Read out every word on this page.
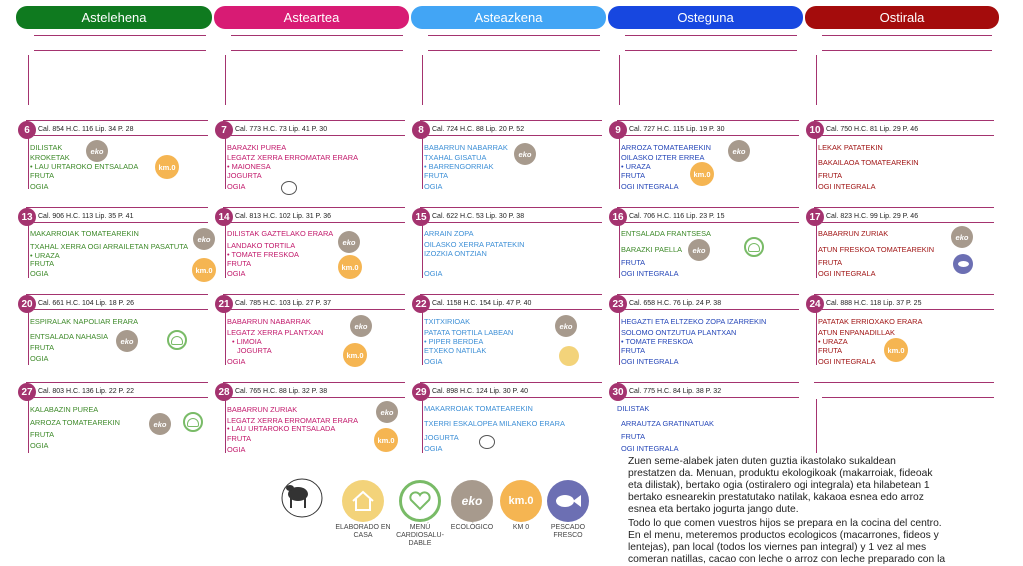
Astelehena	Asteartea	Asteazkena	Osteguna	Ostirala
6	Cal. 854 H.C. 116 Lip. 34 P. 28
DILISTAK
KROKETAK
• LAU URTAROKO ENTSALADA
FRUTA
OGIA
eko
km.0
7	Cal. 773 H.C. 73 Lip. 41 P. 30
BARAZKI PUREA
LEGATZ XERRA ERROMATAR ERARA
• MAIONESA
JOGURTA
OGIA
8	Cal. 724 H.C. 88 Lip. 20 P. 52
BABARRUN NABARRAK
TXAHAL GISATUA
• BARRENGORRIAK
FRUTA
OGIA
eko
9	Cal. 727 H.C. 115 Lip. 19 P. 30
ARROZA TOMATEAREKIN
OILASKO IZTER ERREA
• URAZA
FRUTA
OGI INTEGRALA
eko
km.0
10 Cal. 750 H.C. 81 Lip. 29 P. 46
LEKAK PATATEKIN
BAKAILAOA TOMATEAREKIN
FRUTA
OGI INTEGRALA
13 Cal. 906 H.C. 113 Lip. 35 P. 41
MAKARROIAK TOMATEAREKIN
TXAHAL XERRA OGI ARRAILETAN PASATUTA
• URAZA
FRUTA
OGIA
eko
km.0
14 Cal. 813 H.C. 102 Lip. 31 P. 36
DILISTAK GAZTELAKO ERARA
LANDAKO TORTILA
• TOMATE FRESKOA
FRUTA
OGIA
eko
km.0
15 Cal. 622 H.C. 53 Lip. 30 P. 38
ARRAIN ZOPA
OILASKO XERRA PATATEKIN
IZOZKIA ONTZIAN
OGIA
16 Cal. 706 H.C. 116 Lip. 23 P. 15
ENTSALADA FRANTSESA
BARAZKI PAELLA
FRUTA
OGI INTEGRALA
eko
17 Cal. 823 H.C. 99 Lip. 29 P. 46
BABARRUN ZURIAK
ATUN FRESKOA TOMATEAREKIN
FRUTA
OGI INTEGRALA
eko
20 Cal. 661 H.C. 104 Lip. 18 P. 26
ESPIRALAK NAPOLIAR ERARA
ENTSALADA NAHASIA
FRUTA
OGIA
eko
21 Cal. 785 H.C. 103 Lip. 27 P. 37
BABARRUN NABARRAK
LEGATZ XERRA PLANTXAN
• LIMOIA
JOGURTA
OGIA
eko
km.0
22 Cal. 1158 H.C. 154 Lip. 47 P. 40
TXITXIRIOAK
PATATA TORTILA LABEAN
• PIPER BERDEA
ETXEKO NATILAK
OGIA
eko
23 Cal. 658 H.C. 76 Lip. 24 P. 38
HEGAZTI ETA ELTZEKO ZOPA IZARREKIN
SOLOMO ONTZUTUA PLANTXAN
• TOMATE FRESKOA
FRUTA
OGI INTEGRALA
24 Cal. 888 H.C. 118 Lip. 37 P. 25
PATATAK ERRIOXAKO ERARA
ATUN ENPANADILLAK
• URAZA
FRUTA
OGI INTEGRALA
km.0
27 Cal. 803 H.C. 136 Lip. 22 P. 22
KALABAZIN PUREA
ARROZA TOMATEAREKIN
FRUTA
OGIA
eko
28 Cal. 765 H.C. 88 Lip. 32 P. 38
BABARRUN ZURIAK
LEGATZ XERRA ERROMATAR ERARA
• LAU URTAROKO ENTSALADA
FRUTA
OGIA
eko
km.0
29 Cal. 898 H.C. 124 Lip. 30 P. 40
MAKARROIAK TOMATEAREKIN
TXERRI ESKALOPEA MILANEKO ERARA
JOGURTA
OGIA
30 Cal. 775 H.C. 84 Lip. 38 P. 32
DILISTAK
ARRAUTZA GRATINATUAK
FRUTA
OGI INTEGRALA
ELABORADO EN CASA
MENÚ CARDIOSALU- DABLE
eko
ECOLÓGICO
km.0
KM 0	PESCADO FRESCO
Zuen seme-alabek jaten duten guztia ikastolako sukaldean
prestatzen da. Menuan, produktu ekologikoak (makarroiak, fideoak
eta dilistak), bertako ogia (ostiralero ogi integrala) eta hilabetean 1
bertako esnearekin prestatutako natilak, kakaoa esnea edo arroz
esnea eta bertako jogurta jango dute.
Todo lo que comen vuestros hijos se prepara en la cocina del centro.
En el menu, meteremos productos ecologicos (macarrones, fideos y
lentejas), pan local (todos los viernes pan integral) y 1 vez al mes
comeran natillas, cacao con leche o arroz con leche preparado con la
